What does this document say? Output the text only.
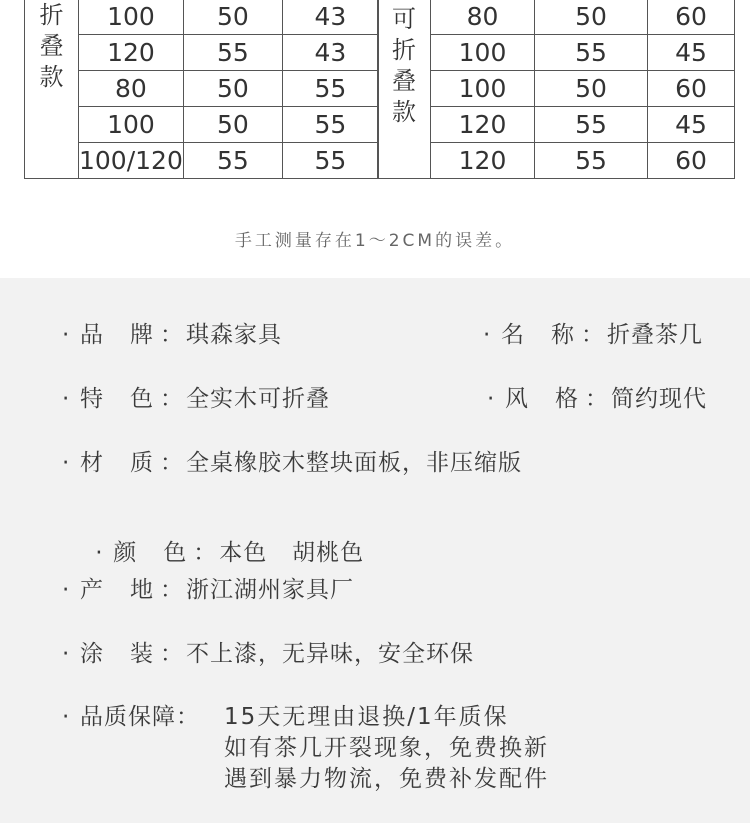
折
叠
款	100	50	43
	120	55	43
	80	50	55
	100	50	55
	100/120	55	55
可
折
叠
款	80	50	60
	100	55	45
	100	50	60
	120	55	45
	120	55	60
手工测量存在1～2CM的误差。
· 品 牌 ：琪森家具	· 名 称 ：折叠茶几
· 特 色 ：全实木可折叠	· 风 格 ：简约现代
· 材 质 ：全桌橡胶木整块面板，非压缩版

· 颜 色 ：本色   胡桃色

· 产 地 ：浙江湖州家具厂
· 涂 装 ：不上漆，无异味，安全环保
· 品质保障： 15天无理由退换/1年质保
如有茶几开裂现象，免费换新
遇到暴力物流，免费补发配件
